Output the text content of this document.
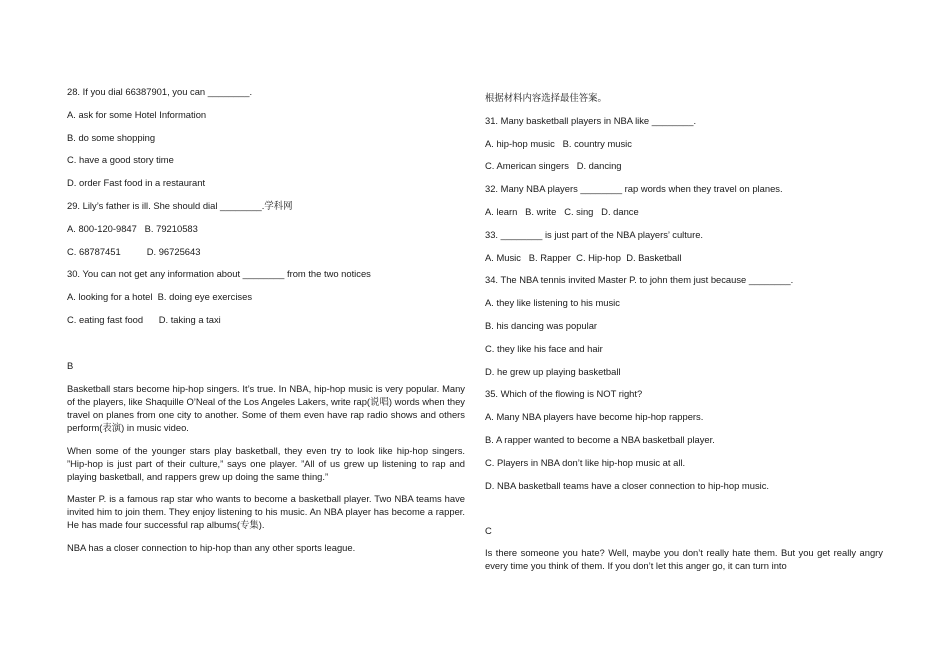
28. If you dial 66387901, you can ________.

A. ask for some Hotel Information

B. do some shopping

C. have a good story time

D. order Fast food in a restaurant

29. Lily’s father is ill. She should dial ________.学科网

A. 800-120-9847   B. 79210583

C. 68787451          D. 96725643

30. You can not get any information about ________ from the two notices

A. looking for a hotel  B. doing eye exercises

C. eating fast food      D. taking a taxi

B

Basketball stars become hip-hop singers. It’s true. In NBA, hip-hop music is very popular. Many of the players, like Shaquille O’Neal of the Los Angeles Lakers, write rap(说唱) words when they travel on planes from one city to another. Some of them even have rap radio shows and others perform(表演) in music video.

When some of the younger stars play basketball, they even try to look like hip-hop singers. ”Hip-hop is just part of their culture,” says one player. ”All of us grew up listening to rap and playing basketball, and rappers grew up doing the same thing.”

Master P. is a famous rap star who wants to become a basketball player. Two NBA teams have invited him to join them. They enjoy listening to his music. An NBA player has become a rapper. He has made four successful rap albums(专集).

NBA has a closer connection to hip-hop than any other sports league.

根据材料内容选择最佳答案。

31. Many basketball players in NBA like ________.

A. hip-hop music   B. country music

C. American singers   D. dancing

32. Many NBA players ________ rap words when they travel on planes.

A. learn   B. write   C. sing   D. dance

33. ________ is just part of the NBA players’ culture.

A. Music   B. Rapper  C. Hip-hop  D. Basketball

34. The NBA tennis invited Master P. to john them just because ________.

A. they like listening to his music

B. his dancing was popular

C. they like his face and hair

D. he grew up playing basketball

35. Which of the flowing is NOT right?

A. Many NBA players have become hip-hop rappers.

B. A rapper wanted to become a NBA basketball player.

C. Players in NBA don’t like hip-hop music at all.

D. NBA basketball teams have a closer connection to hip-hop music.

C

Is there someone you hate? Well, maybe you don’t really hate them. But you get really angry every time you think of them. If you don’t let this anger go, it can turn into
